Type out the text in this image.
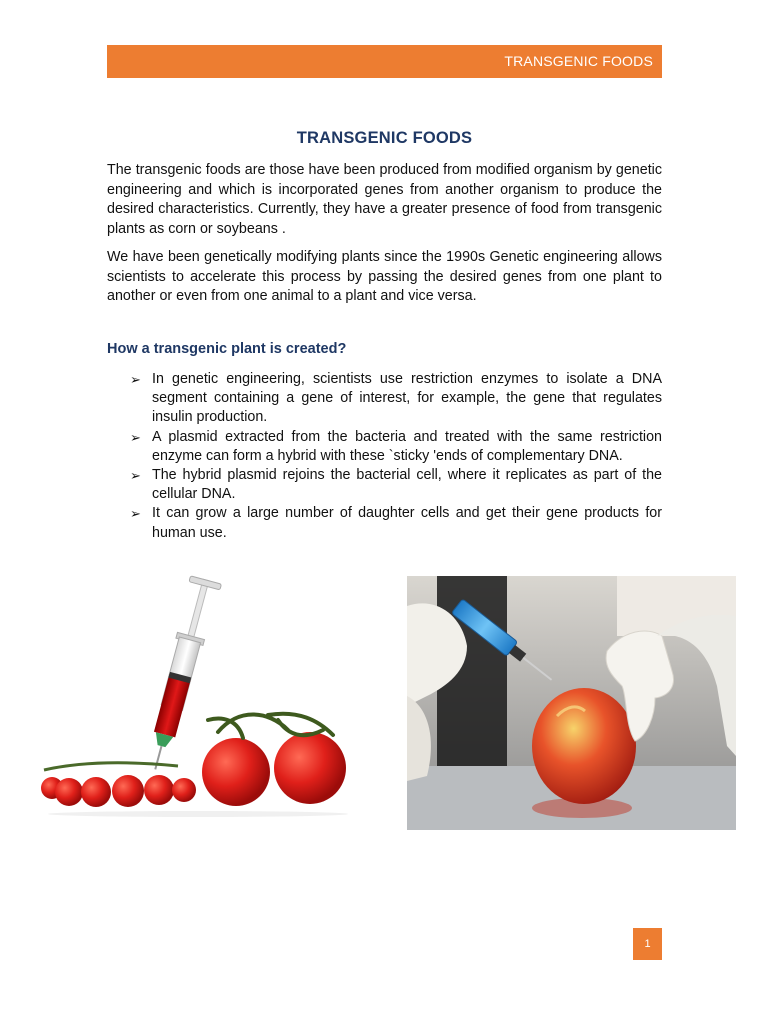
TRANSGENIC FOODS
TRANSGENIC FOODS

The transgenic foods are those have been produced from modified organism by genetic engineering and which is incorporated genes from another organism to produce the desired characteristics. Currently, they have a greater presence of food from transgenic plants as corn or soybeans .

We have been genetically modifying plants since the 1990s Genetic engineering allows scientists to accelerate this process by passing the desired genes from one plant to another or even from one animal to a plant and vice versa.

How a transgenic plant is created?
➢ In genetic engineering, scientists use restriction enzymes to isolate a DNA segment containing a gene of interest, for example, the gene that regulates insulin production.
➢ A plasmid extracted from the bacteria and treated with the same restriction enzyme can form a hybrid with these `sticky 'ends of complementary DNA.
➢ The hybrid plasmid rejoins the bacterial cell, where it replicates as part of the cellular DNA.
➢ It can grow a large number of daughter cells and get their gene products for human use.
1
